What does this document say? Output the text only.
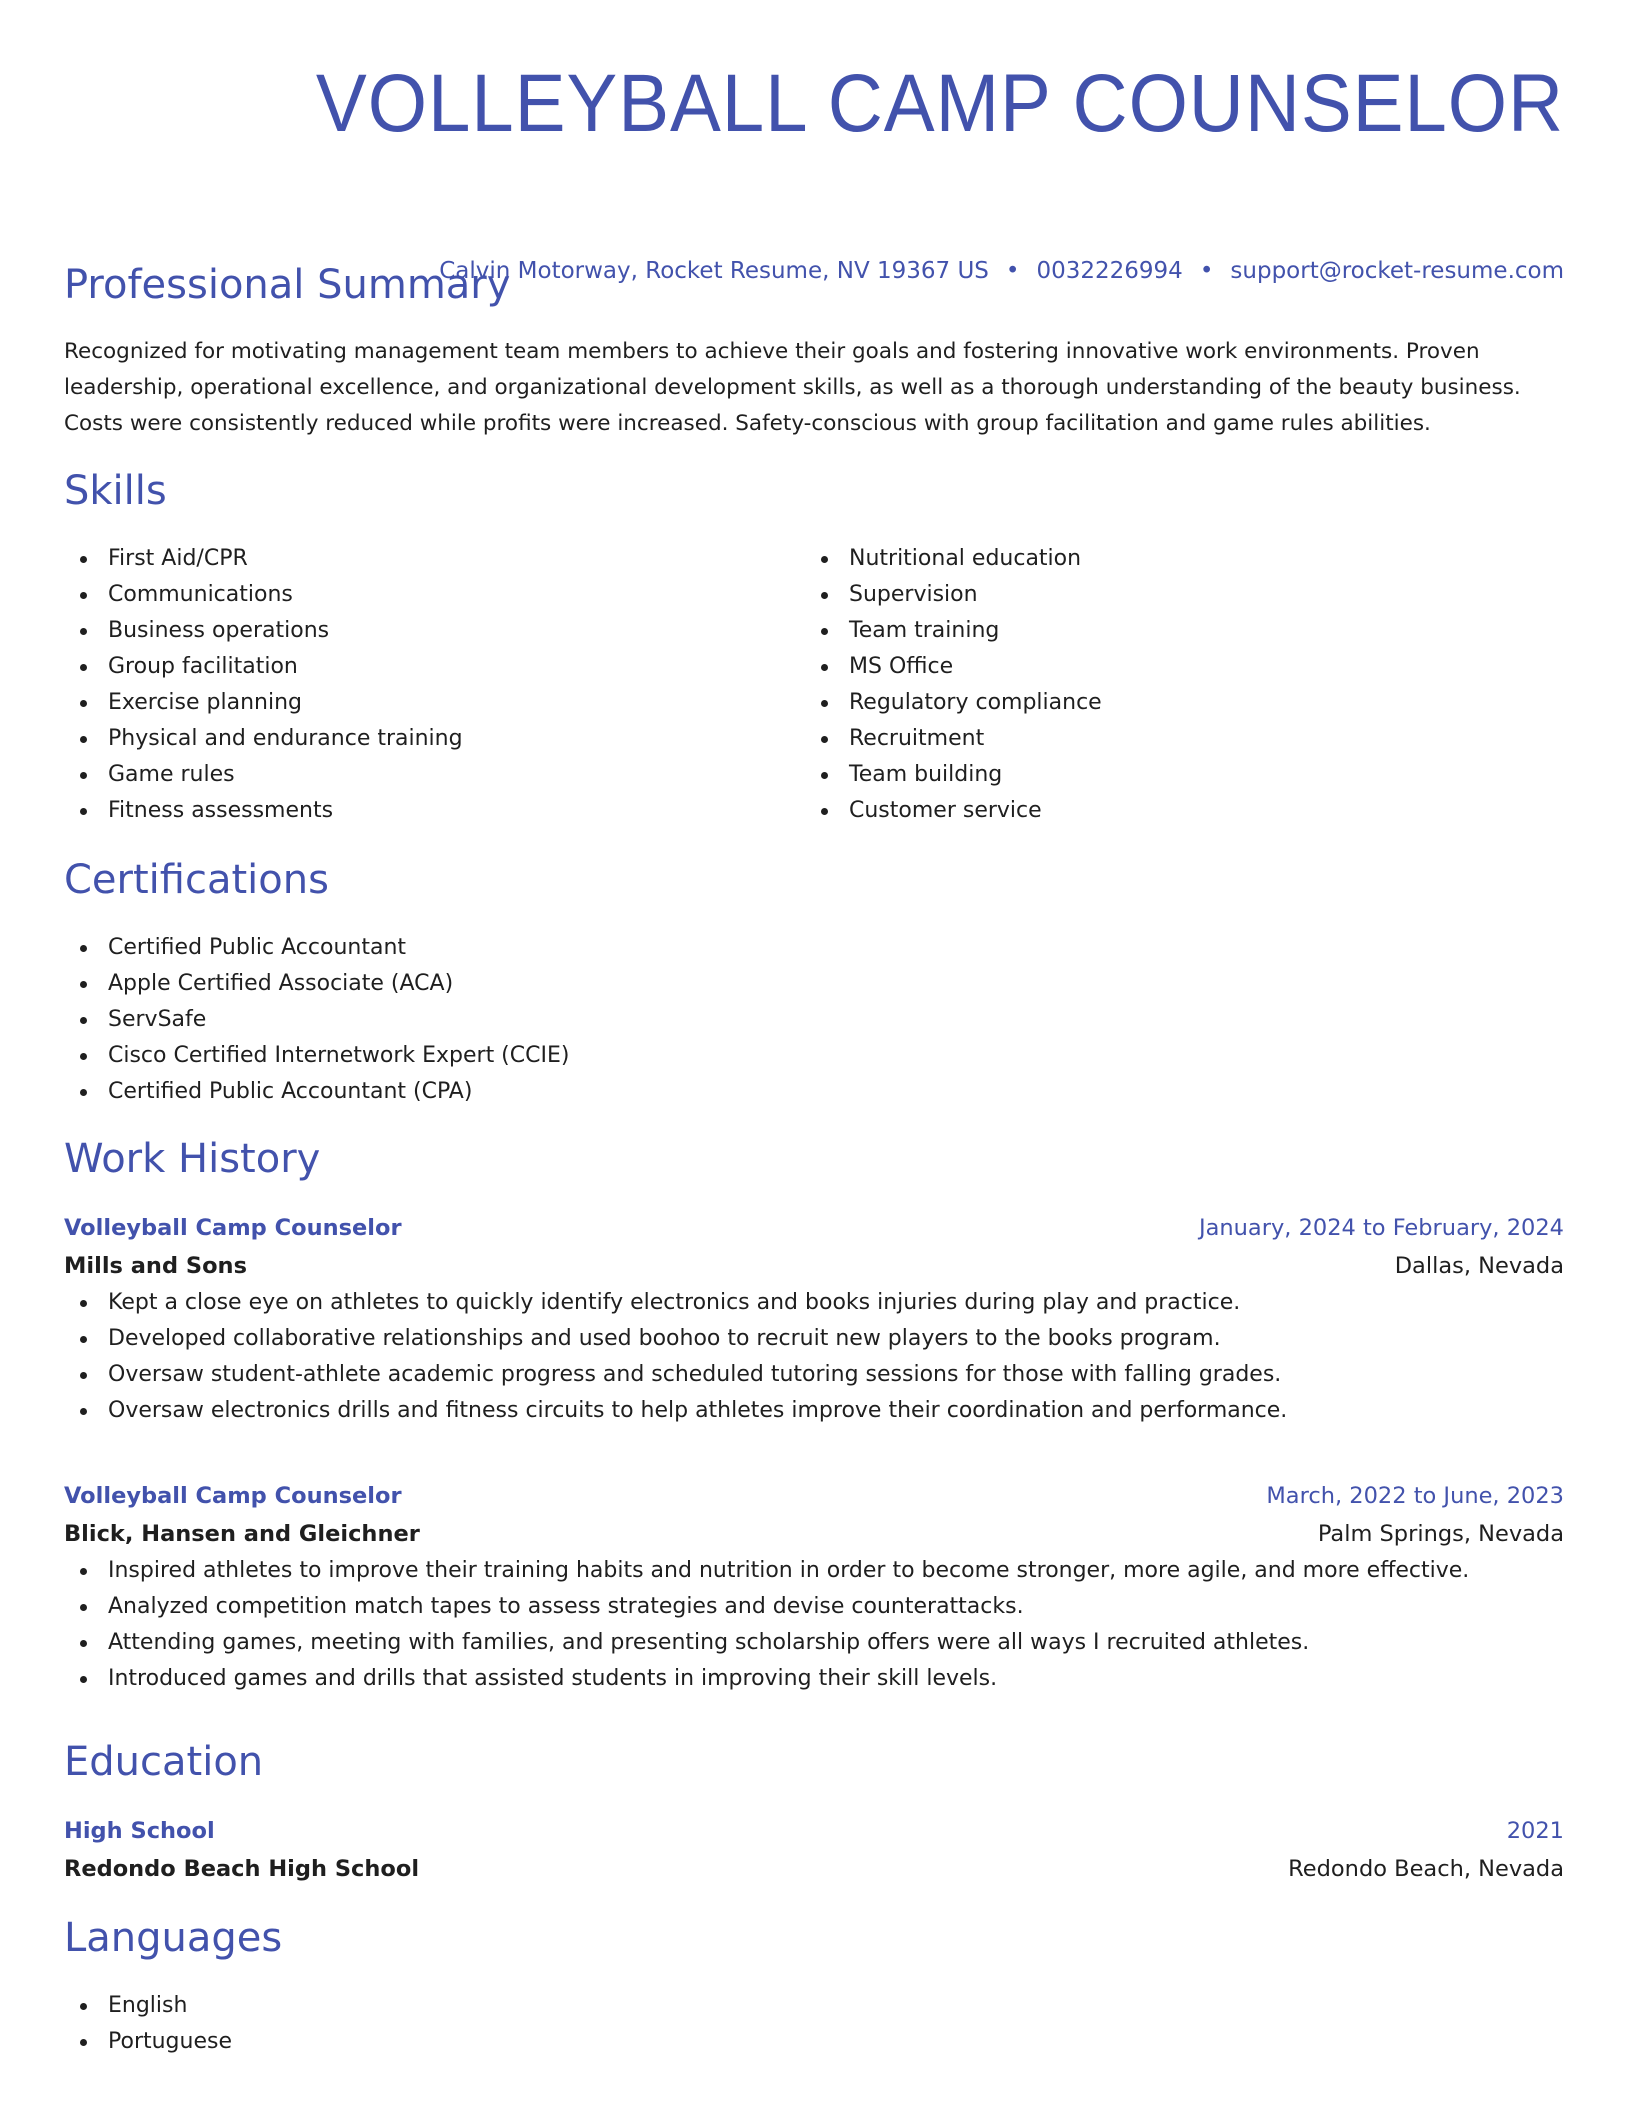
VOLLEYBALL CAMP COUNSELOR
Calvin Motorway, Rocket Resume, NV 19367 US • 0032226994 • support@rocket-resume.com
Professional Summary

Recognized for motivating management team members to achieve their goals and fostering innovative work environments. Proven leadership, operational excellence, and organizational development skills, as well as a thorough understanding of the beauty business. Costs were consistently reduced while profits were increased. Safety-conscious with group facilitation and game rules abilities.

Skills
First Aid/CPR
Communications
Business operations
Group facilitation
Exercise planning
Physical and endurance training
Game rules
Fitness assessments
Nutritional education
Supervision
Team training
MS Office
Regulatory compliance
Recruitment
Team building
Customer service
Certifications
Certified Public Accountant
Apple Certified Associate (ACA)
ServSafe
Cisco Certified Internetwork Expert (CCIE)
Certified Public Accountant (CPA)
Work History
Volleyball Camp Counselor	January, 2024 to February, 2024
Mills and Sons	Dallas, Nevada
Kept a close eye on athletes to quickly identify electronics and books injuries during play and practice.
Developed collaborative relationships and used boohoo to recruit new players to the books program.
Oversaw student-athlete academic progress and scheduled tutoring sessions for those with falling grades.
Oversaw electronics drills and fitness circuits to help athletes improve their coordination and performance.
Volleyball Camp Counselor	March, 2022 to June, 2023
Blick, Hansen and Gleichner	Palm Springs, Nevada
Inspired athletes to improve their training habits and nutrition in order to become stronger, more agile, and more effective.
Analyzed competition match tapes to assess strategies and devise counterattacks.
Attending games, meeting with families, and presenting scholarship offers were all ways I recruited athletes.
Introduced games and drills that assisted students in improving their skill levels.
Education
High School	2021
Redondo Beach High School	Redondo Beach, Nevada
Languages
English
Portuguese
